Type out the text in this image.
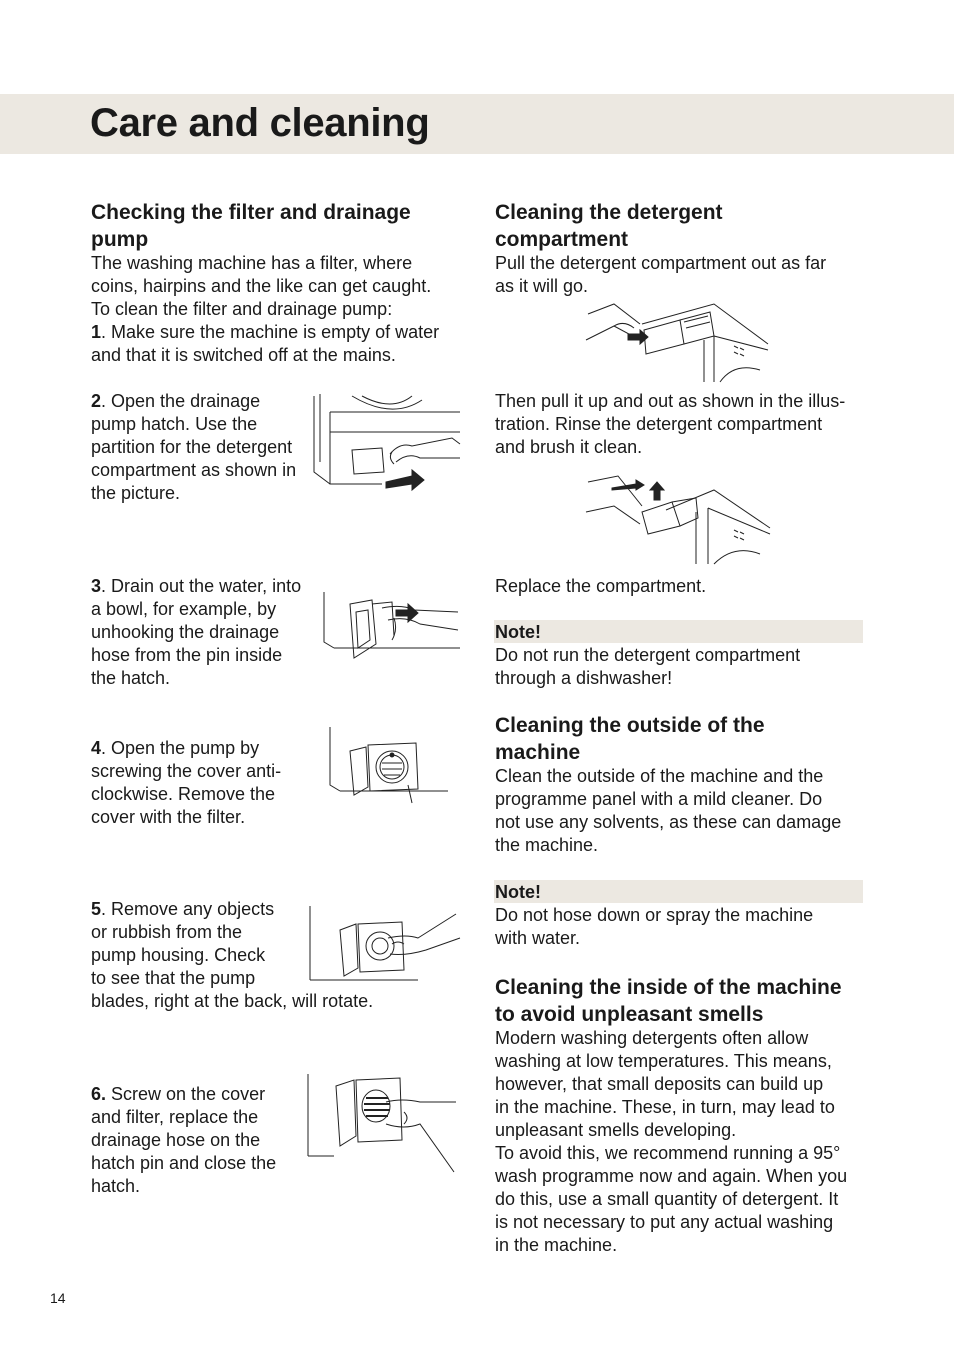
Care and cleaning
Checking the filter and drainage
pump
The washing machine has a filter, where
coins, hairpins and the like can get caught.
To clean the filter and drainage pump:
1. Make sure the machine is empty of water
and that it is switched off at the mains.
2. Open the drainage
pump hatch. Use the
partition for the detergent
compartment as shown in
the picture.
3. Drain out the water, into
a bowl, for example, by
unhooking the drainage
hose from the pin inside
the hatch.
4. Open the pump by
screwing the cover anti-
clockwise. Remove the
cover with the filter.
5. Remove any objects
or rubbish from the
pump housing. Check
to see that the pump
blades, right at the back, will rotate.
6. Screw on the cover
and filter, replace the
drainage hose on the
hatch pin and close the
hatch.
Cleaning the detergent
compartment
Pull the detergent compartment out as far
as it will go.
Then pull it up and out as shown in the illus-
tration. Rinse the detergent compartment
and brush it clean.
Replace the compartment.
Note!
Do not run the detergent compartment
through a dishwasher!
Cleaning the outside of the
machine
Clean the outside of the machine and the
programme panel with a mild cleaner. Do
not use any solvents, as these can damage
the machine.
Note!
Do not hose down or spray the machine
with water.
Cleaning the inside of the machine
to avoid unpleasant smells
Modern washing detergents often allow
washing at low temperatures. This means,
however, that small deposits can build up
in the machine. These, in turn, may lead to
unpleasant smells developing.
To avoid this, we recommend running a 95°
wash programme now and again. When you
do this, use a small quantity of detergent. It
is not necessary to put any actual washing
in the machine.
14
